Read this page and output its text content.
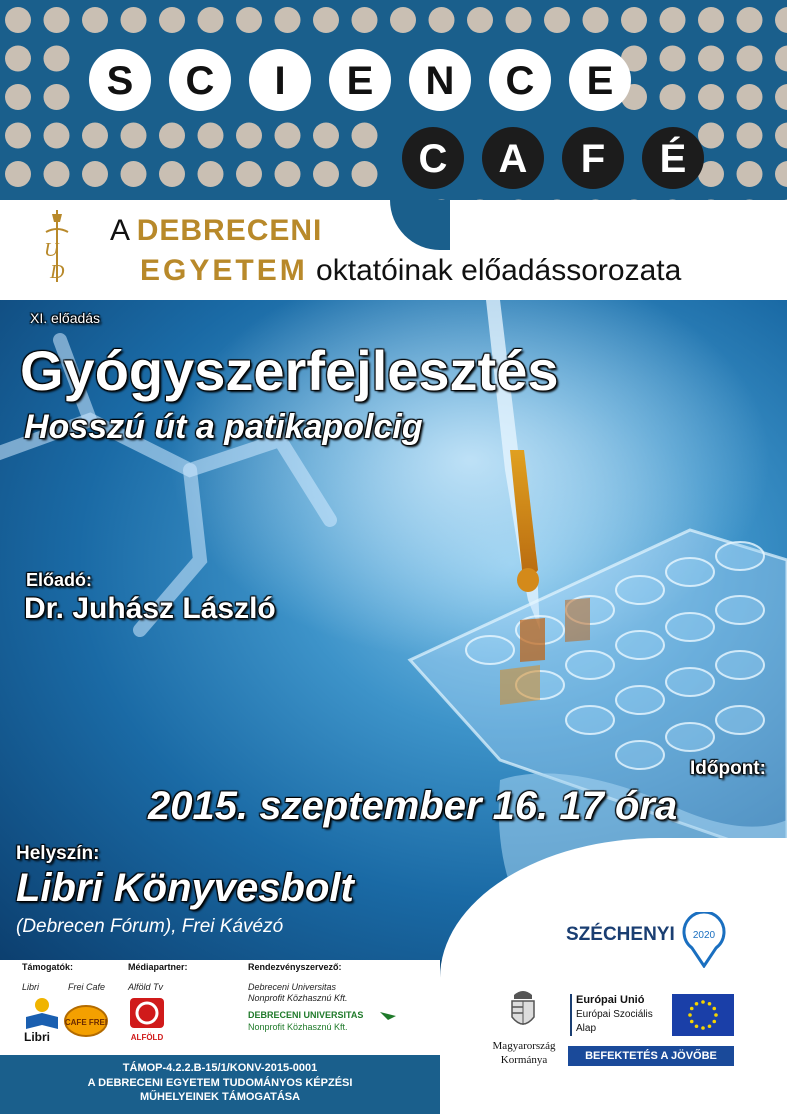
S C I E N C E
C A F É
U
D
A DEBRECENI
EGYETEM oktatóinak előadássorozata
XI. előadás
Gyógyszerfejlesztés
Hosszú út a patikapolcig
Előadó:
Dr. Juhász László
Időpont:
2015. szeptember 16. 17 óra
Helyszín:
Libri Könyvesbolt
(Debrecen Fórum), Frei Kávézó
Támogatók:
Libri	Frei Cafe
Médiapartner:
Alföld Tv
Rendezvényszervező:
Debreceni Universitas
Nonprofit Közhasznú Kft.
Libri
CAFE FREI
ALFÖLD
DEBRECENI UNIVERSITAS
Nonprofit Közhasznú Kft.
TÁMOP-4.2.2.B-15/1/KONV-2015-0001
A DEBRECENI EGYETEM TUDOMÁNYOS KÉPZÉSI
MŰHELYEINEK TÁMOGATÁSA
SZÉCHENYI 2020
Magyarország
Kormánya
Európai Unió
Európai Szociális
Alap
BEFEKTETÉS A JÖVŐBE
